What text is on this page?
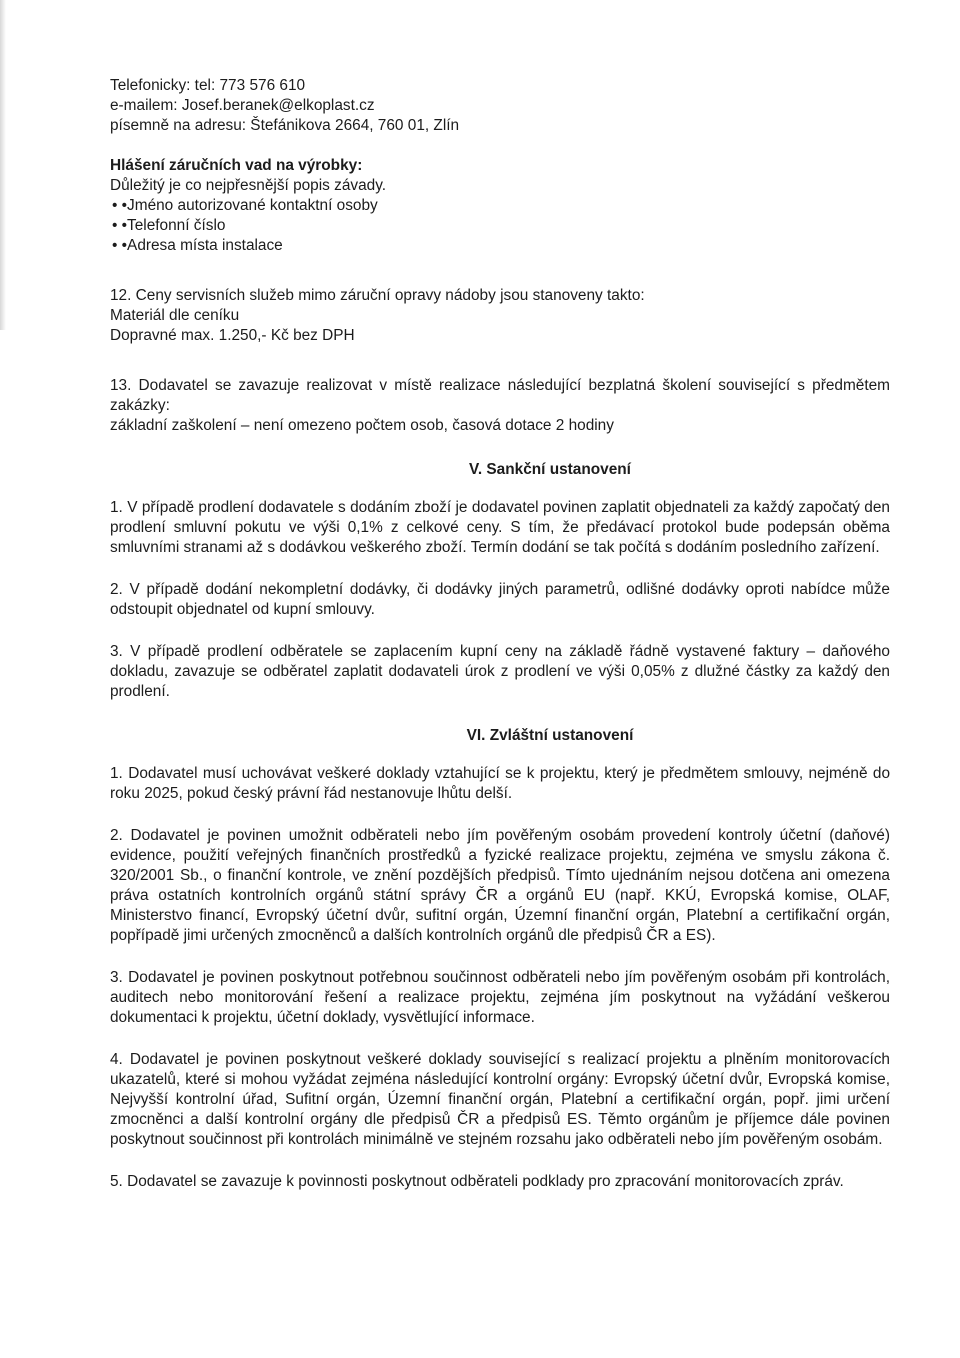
Telefonicky: tel: 773 576 610
e-mailem: Josef.beranek@elkoplast.cz
písemně na adresu: Štefánikova 2664, 760 01, Zlín
Hlášení záručních vad na výrobky:
Důležitý je co nejpřesnější popis závady.
• •Jméno autorizované kontaktní osoby
• •Telefonní číslo
• •Adresa místa instalace
12. Ceny servisních služeb mimo záruční opravy nádoby jsou stanoveny takto:
Materiál dle ceníku
Dopravné max. 1.250,- Kč bez DPH
13. Dodavatel se zavazuje realizovat v místě realizace následující bezplatná školení související s předmětem zakázky:
základní zaškolení – není omezeno počtem osob, časová dotace 2 hodiny
V. Sankční ustanovení
1. V případě prodlení dodavatele s dodáním zboží je dodavatel povinen zaplatit objednateli za každý započatý den prodlení smluvní pokutu ve výši 0,1% z celkové ceny. S tím, že předávací protokol bude podepsán oběma smluvními stranami až s dodávkou veškerého zboží. Termín dodání se tak počítá s dodáním posledního zařízení.
2. V případě dodání nekompletní dodávky, či dodávky jiných parametrů, odlišné dodávky oproti nabídce může odstoupit objednatel od kupní smlouvy.
3. V případě prodlení odběratele se zaplacením kupní ceny na základě řádně vystavené faktury – daňového dokladu, zavazuje se odběratel zaplatit dodavateli úrok z prodlení ve výši 0,05% z dlužné částky za každý den prodlení.
VI. Zvláštní ustanovení
1. Dodavatel musí uchovávat veškeré doklady vztahující se k projektu, který je předmětem smlouvy, nejméně do roku 2025, pokud český právní řád nestanovuje lhůtu delší.
2. Dodavatel je povinen umožnit odběrateli nebo jím pověřeným osobám provedení kontroly účetní (daňové) evidence, použití veřejných finančních prostředků a fyzické realizace projektu, zejména ve smyslu zákona č. 320/2001 Sb., o finanční kontrole, ve znění pozdějších předpisů. Tímto ujednáním nejsou dotčena ani omezena práva ostatních kontrolních orgánů státní správy ČR a orgánů EU (např. KKÚ, Evropská komise, OLAF, Ministerstvo financí, Evropský účetní dvůr, sufitní orgán, Územní finanční orgán, Platební a certifikační orgán, popřípadě jimi určených zmocněnců a dalších kontrolních orgánů dle předpisů ČR a ES).
3. Dodavatel je povinen poskytnout potřebnou součinnost odběrateli nebo jím pověřeným osobám při kontrolách, auditech nebo monitorování řešení a realizace projektu, zejména jím poskytnout na vyžádání veškerou dokumentaci k projektu, účetní doklady, vysvětlující informace.
4. Dodavatel je povinen poskytnout veškeré doklady související s realizací projektu a plněním monitorovacích ukazatelů, které si mohou vyžádat zejména následující kontrolní orgány: Evropský účetní dvůr, Evropská komise, Nejvyšší kontrolní úřad, Sufitní orgán, Územní finanční orgán, Platební a certifikační orgán, popř. jimi určení zmocněnci a další kontrolní orgány dle předpisů ČR a předpisů ES. Těmto orgánům je příjemce dále povinen poskytnout součinnost při kontrolách minimálně ve stejném rozsahu jako odběrateli nebo jím pověřeným osobám.
5. Dodavatel se zavazuje k povinnosti poskytnout odběrateli podklady pro zpracování monitorovacích zpráv.
